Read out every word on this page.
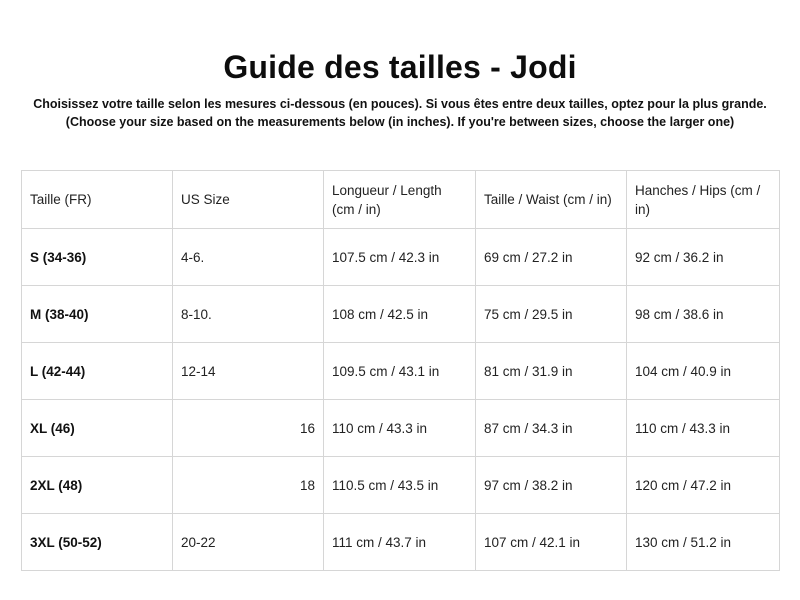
Guide des tailles - Jodi
Choisissez votre taille selon les mesures ci-dessous (en pouces). Si vous êtes entre deux tailles, optez pour la plus grande.
(Choose your size based on the measurements below (in inches). If you're between sizes, choose the larger one)
Taille (FR)	US Size	Longueur / Length (cm / in)	Taille / Waist (cm / in)	Hanches / Hips (cm / in)
S (34-36)	4-6.	107.5 cm / 42.3 in	69 cm / 27.2 in	92 cm / 36.2 in
M (38-40)	8-10.	108 cm / 42.5 in	75 cm / 29.5 in	98 cm / 38.6 in
L (42-44)	12-14	109.5 cm / 43.1 in	81 cm / 31.9 in	104 cm / 40.9 in
XL (46)	16	110 cm / 43.3 in	87 cm / 34.3 in	110 cm / 43.3 in
2XL (48)	18	110.5 cm / 43.5 in	97 cm / 38.2 in	120 cm / 47.2 in
3XL (50-52)	20-22	111 cm / 43.7 in	107 cm / 42.1 in	130 cm / 51.2 in
